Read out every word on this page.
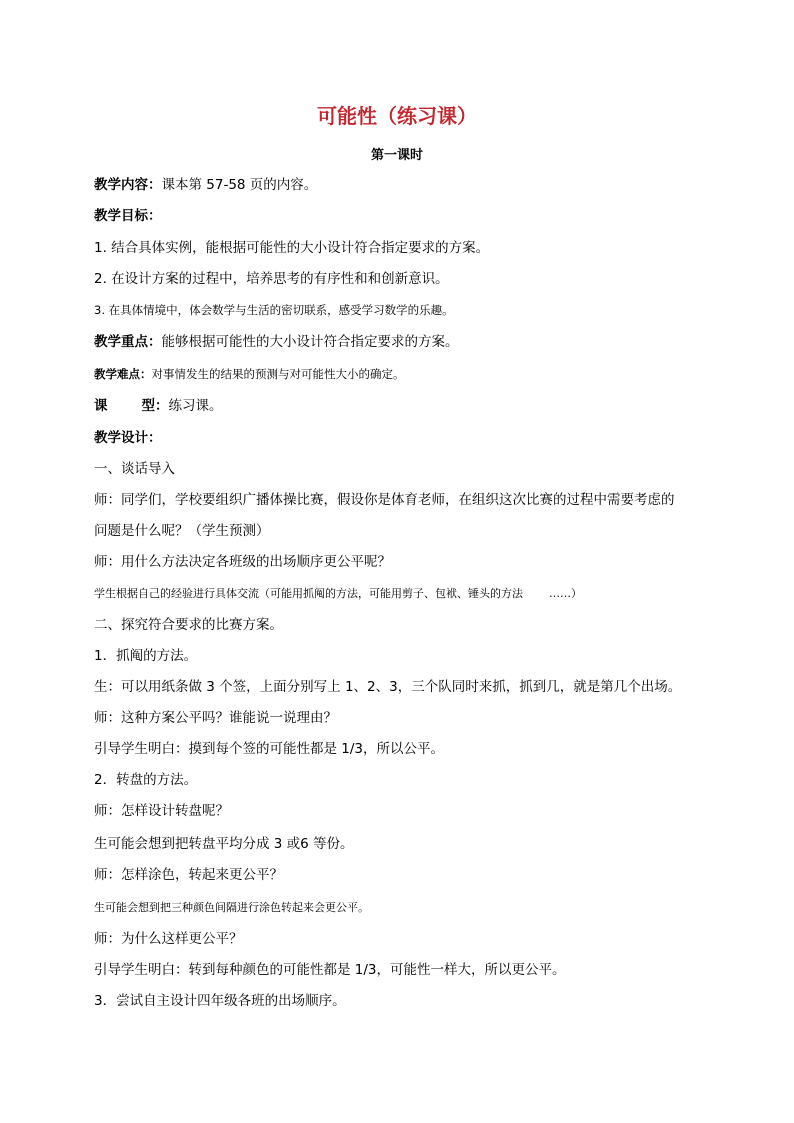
可能性（练习课）
第一课时
教学内容：课本第 57-58 页的内容。
教学目标：
1. 结合具体实例，能根据可能性的大小设计符合指定要求的方案。
2. 在设计方案的过程中，培养思考的有序性和和创新意识。
3. 在具体情境中，体会数学与生活的密切联系，感受学习数学的乐趣。
教学重点：能够根据可能性的大小设计符合指定要求的方案。
教学难点：对事情发生的结果的预测与对可能性大小的确定。
课	型：练习课。
教学设计：
一、谈话导入
师：同学们，学校要组织广播体操比赛，假设你是体育老师，在组织这次比赛的过程中需要考虑的
问题是什么呢？（学生预测）
师：用什么方法决定各班级的出场顺序更公平呢？
学生根据自己的经验进行具体交流（可能用抓阄的方法，可能用剪子、包袱、锤头的方法 ……）
二、探究符合要求的比赛方案。
1．抓阄的方法。
生：可以用纸条做 3 个签，上面分别写上 1、2、3，三个队同时来抓，抓到几，就是第几个出场。
师：这种方案公平吗？谁能说一说理由？
引导学生明白：摸到每个签的可能性都是 1/3，所以公平。
2．转盘的方法。
师：怎样设计转盘呢？
生可能会想到把转盘平均分成 3 或6 等份。
师：怎样涂色，转起来更公平？
生可能会想到把三种颜色间隔进行涂色转起来会更公平。
师：为什么这样更公平？
引导学生明白：转到每种颜色的可能性都是 1/3，可能性一样大，所以更公平。
3．尝试自主设计四年级各班的出场顺序。
